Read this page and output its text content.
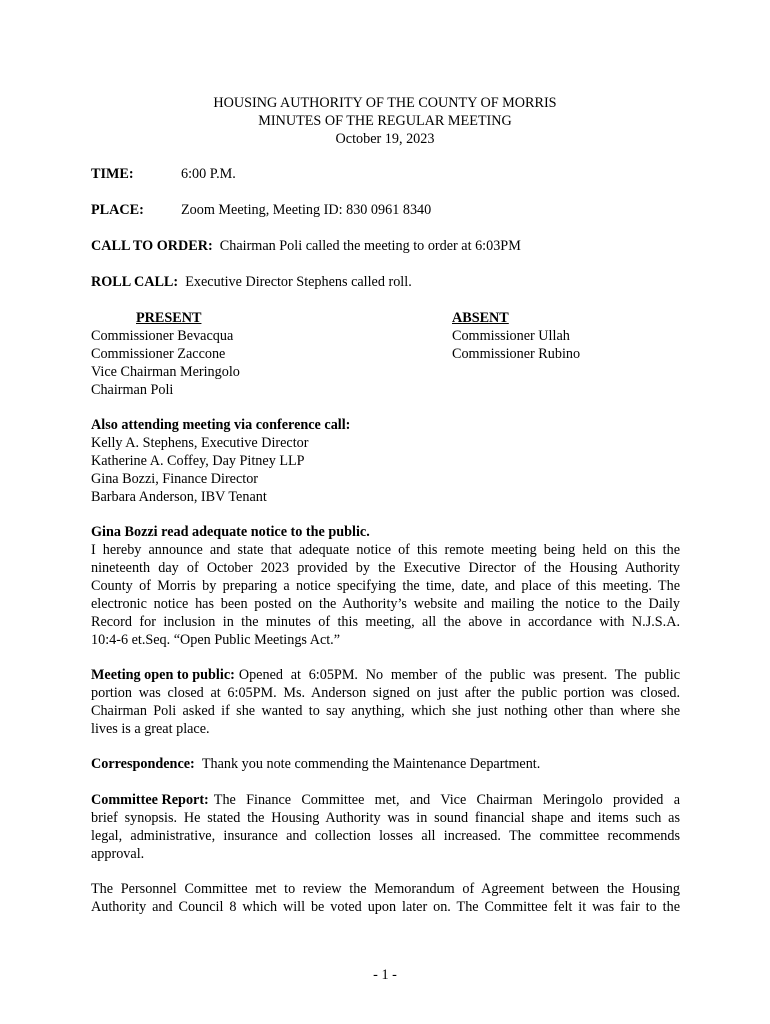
HOUSING AUTHORITY OF THE COUNTY OF MORRIS
MINUTES OF THE REGULAR MEETING
October 19, 2023
TIME:	6:00 P.M.
PLACE:	Zoom Meeting, Meeting ID: 830 0961 8340
CALL TO ORDER: Chairman Poli called the meeting to order at 6:03PM
ROLL CALL: Executive Director Stephens called roll.
PRESENT
Commissioner Bevacqua
Commissioner Zaccone
Vice Chairman Meringolo
Chairman Poli
ABSENT
Commissioner Ullah
Commissioner Rubino
Also attending meeting via conference call:
Kelly A. Stephens, Executive Director
Katherine A. Coffey, Day Pitney LLP
Gina Bozzi, Finance Director
Barbara Anderson, IBV Tenant
Gina Bozzi read adequate notice to the public.
I hereby announce and state that adequate notice of this remote meeting being held on this the
nineteenth day of October 2023 provided by the Executive Director of the Housing Authority
County of Morris by preparing a notice specifying the time, date, and place of this meeting. The
electronic notice has been posted on the Authority’s website and mailing the notice to the Daily
Record for inclusion in the minutes of this meeting, all the above in accordance with N.J.S.A.
10:4-6 et.Seq. “Open Public Meetings Act.”
Meeting open to public: Opened at 6:05PM. No member of the public was present. The public
portion was closed at 6:05PM. Ms. Anderson signed on just after the public portion was closed.
Chairman Poli asked if she wanted to say anything, which she just nothing other than where she
lives is a great place.
Correspondence: Thank you note commending the Maintenance Department.
Committee Report: The Finance Committee met, and Vice Chairman Meringolo provided a
brief synopsis. He stated the Housing Authority was in sound financial shape and items such as
legal, administrative, insurance and collection losses all increased. The committee recommends
approval.
The Personnel Committee met to review the Memorandum of Agreement between the Housing
Authority and Council 8 which will be voted upon later on. The Committee felt it was fair to the
- 1 -
